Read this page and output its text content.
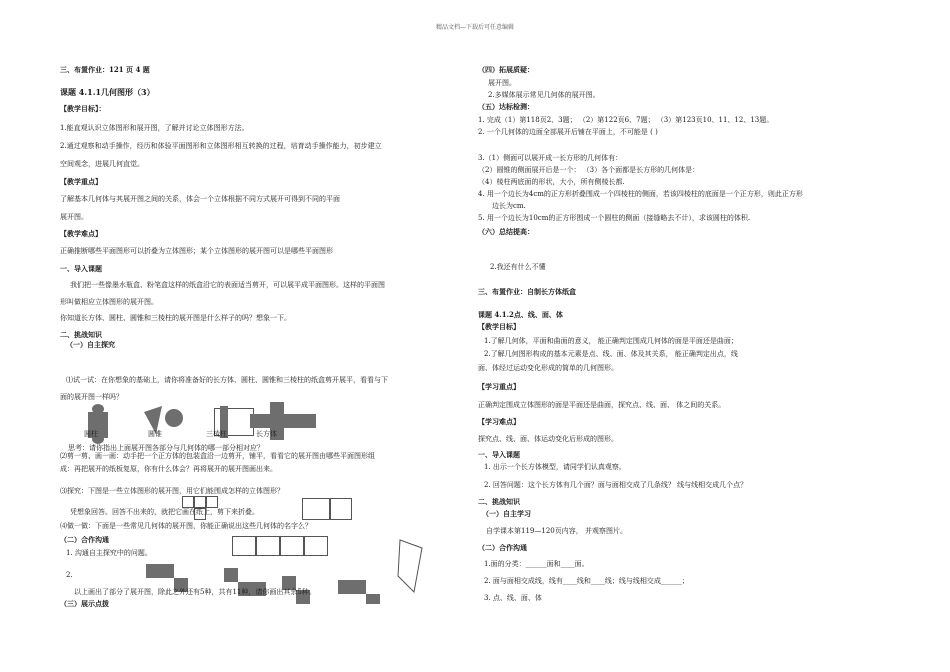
精品文档—下载后可任意编辑
三、布置作业：121 页 4 题
课题 4.1.1几何图形（3）
【教学目标】：
1.能直观认识立体图形和展开图，了解并讨论立体图形方法。
2.通过观察和动手操作，经历和体验平面图形和立体图形相互转换的过程，培育动手操作能力，初步建立
空间观念，进展几何直觉。
【教学重点】
了解基本几何体与其展开图之间的关系，体会一个立体根据不同方式展开可得到不同的平面
展开图。
【教学难点】
正确推断哪些平面图形可以折叠为立体图形；某个立体图形的展开图可以是哪些平面图形
一、导入课题
我们把一些像墨水瓶盒、粉笔盒这样的纸盒沿它的表面适当剪开，可以展平成平面图形。这样的平面图
形叫做相应立体图形的展开图。
你知道长方体、圆柱、圆锥和三棱柱的展开图是什么样子的吗？想象一下。
二、挑战知识
（一）自主探究
⑴试一试：在你想象的基础上，请你将准备好的长方体、圆柱、圆锥和三棱柱的纸盒剪开展平，看看与下
面的展开图一样吗？
圆柱	圆锥	三棱柱	长方体
思考：请你指出上面展开图各部分与几何体的哪一部分相对应？
⑵剪一剪、画一画：动手把一个正方体的包装盒沿一边剪开，铺平，看看它的展开图由哪些平面图形组
成：再把展开的纸板复原，你有什么体会？再将展开的展开图画出来。
⑶探究：下图是一些立体图形的展开图，用它们能围成怎样的立体图形？
凭想象回答。回答不出来的，就把它画在纸上，剪下来折叠。
⑷做一做：下面是一些常见几何体的展开图，你能正确说出这些几何体的名字么？
（二）合作沟通
1. 沟通自主探究中的问题。
2.
以上画出了部分了展开图，除此之外还有5种，共有11种，请你画出其余5种。
（三）展示点拨
（四）拓展质疑：
展开图。
2.多媒体展示常见几何体的展开图。
（五）达标检测：
1. 完成（1）第118页2、3题； （2）第122页6、7题； （3）第123页10、11、12、13题。
2. 一个几何体的边面全部展开后铺在平面上，不可能是 ( )
3.（1）侧面可以展开成一长方形的几何体有：
（2）圆锥的侧面展开后是一个： （3）各个面都是长方形的几何体是：
（4）棱柱两底面的形状，大小，所有侧棱长都.
4. 用一个边长为4cm的正方形折叠围成一个四棱柱的侧面，若该四棱柱的底面是一个正方形，则此正方形
边长为cm.
5. 用一个边长为10cm的正方形围成一个圆柱的侧面（接缝略去不计），求该圆柱的体积.
（六）总结提高：
2.我还有什么不懂
三、布置作业：自制长方体纸盒
课题 4.1.2点、线、面、体
【教学目标】
1.了解几何体，平面和曲面的意义， 能正确判定围成几何体的面是平面还是曲面；
2.了解几何图形构成的基本元素是点、线、面、体及其关系， 能正确判定出点，线
面、体经过运动变化形成的简单的几何图形。
【学习重点】
正确判定围成立体图形的面是平面还是曲面，探究点、线、面、 体之间的关系。
【学习难点】
探究点、线、面、体运动变化后形成的图形。
一、导入课题
1. 出示一个长方体模型，请同学们认真观察。
2. 回答问题：这个长方体有几个面？面与面相交成了几条线？ 线与线相交成几个点？
二、挑战知识
（一）自主学习
自学课本第119—120页内容， 并观察图片。
（二）合作沟通
1.面的分类：______面和____面。
2. 面与面相交成线，线有____线和____线；线与线相交成______；
3. 点、线、面、体
